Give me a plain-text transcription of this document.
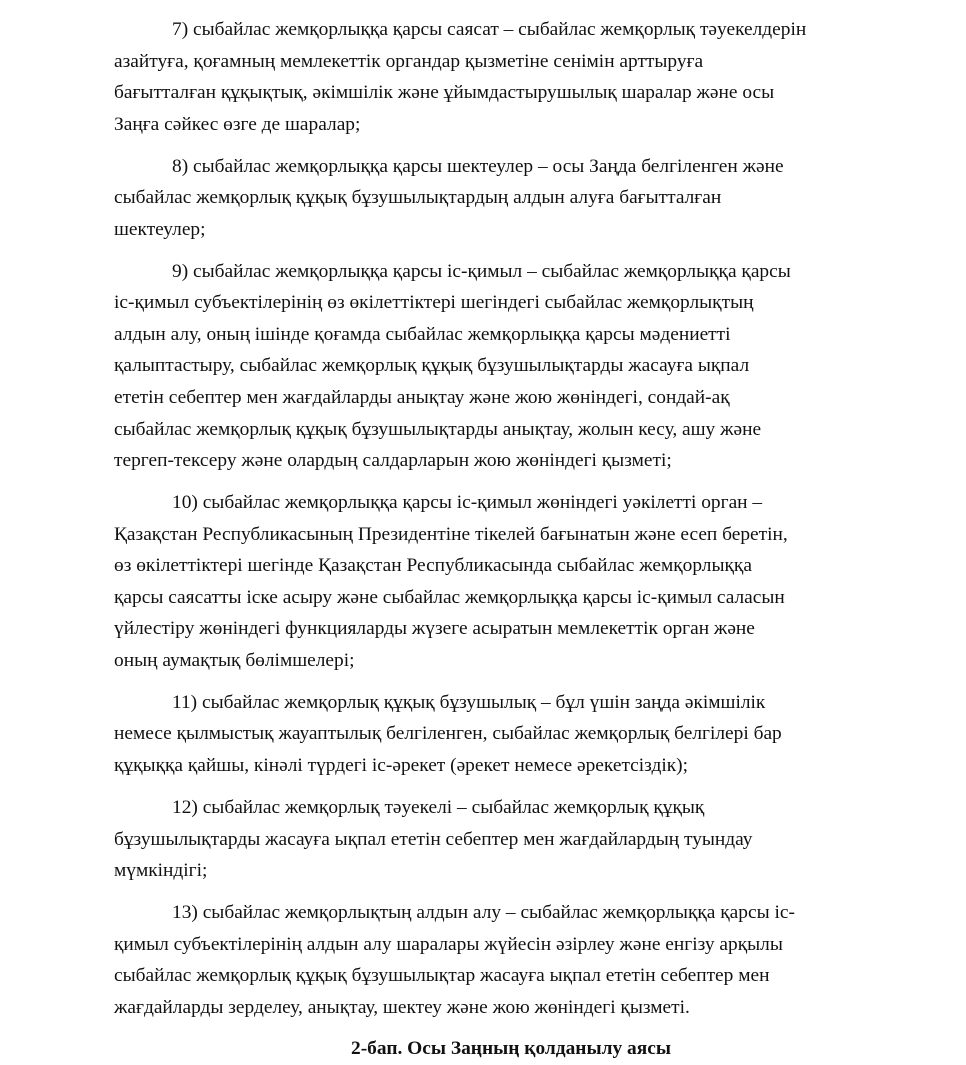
7) сыбайлас жемқорлыққа қарсы саясат – сыбайлас жемқорлық тәуекелдерін
азайтуға, қоғамның мемлекеттік органдар қызметіне сенімін арттыруға
бағытталған құқықтық, әкімшілік және ұйымдастырушылық шаралар және осы
Заңға сәйкес өзге де шаралар;
8) сыбайлас жемқорлыққа қарсы шектеулер – осы Заңда белгіленген және
сыбайлас жемқорлық құқық бұзушылықтардың алдын алуға бағытталған
шектеулер;
9) сыбайлас жемқорлыққа қарсы іс-қимыл – сыбайлас жемқорлыққа қарсы
іс-қимыл субъектілерінің өз өкілеттіктері шегіндегі сыбайлас жемқорлықтың
алдын алу, оның ішінде қоғамда сыбайлас жемқорлыққа қарсы мәдениетті
қалыптастыру, сыбайлас жемқорлық құқық бұзушылықтарды жасауға ықпал
ететін себептер мен жағдайларды анықтау және жою жөніндегі, сондай-ақ
сыбайлас жемқорлық құқық бұзушылықтарды анықтау, жолын кесу, ашу және
тергеп-тексеру және олардың салдарларын жою жөніндегі қызметі;
10) сыбайлас жемқорлыққа қарсы іс-қимыл жөніндегі уәкілетті орган –
Қазақстан Республикасының Президентіне тікелей бағынатын және есеп беретін,
өз өкілеттіктері шегінде Қазақстан Республикасында сыбайлас жемқорлыққа
қарсы саясатты іске асыру және сыбайлас жемқорлыққа қарсы іс-қимыл саласын
үйлестіру жөніндегі функцияларды жүзеге асыратын мемлекеттік орган және
оның аумақтық бөлімшелері;
11) сыбайлас жемқорлық құқық бұзушылық – бұл үшін заңда әкімшілік
немесе қылмыстық жауаптылық белгіленген, сыбайлас жемқорлық белгілері бар
құқыққа қайшы, кінәлі түрдегі іс-әрекет (әрекет немесе әрекетсіздік);
12) сыбайлас жемқорлық тәуекелі – сыбайлас жемқорлық құқық
бұзушылықтарды жасауға ықпал ететін себептер мен жағдайлардың туындау
мүмкіндігі;
13) сыбайлас жемқорлықтың алдын алу – сыбайлас жемқорлыққа қарсы іс-
қимыл субъектілерінің алдын алу шаралары жүйесін әзірлеу және енгізу арқылы
сыбайлас жемқорлық құқық бұзушылықтар жасауға ықпал ететін себептер мен
жағдайларды зерделеу, анықтау, шектеу және жою жөніндегі қызметі.
2-бап. Осы Заңның қолданылу аясы
